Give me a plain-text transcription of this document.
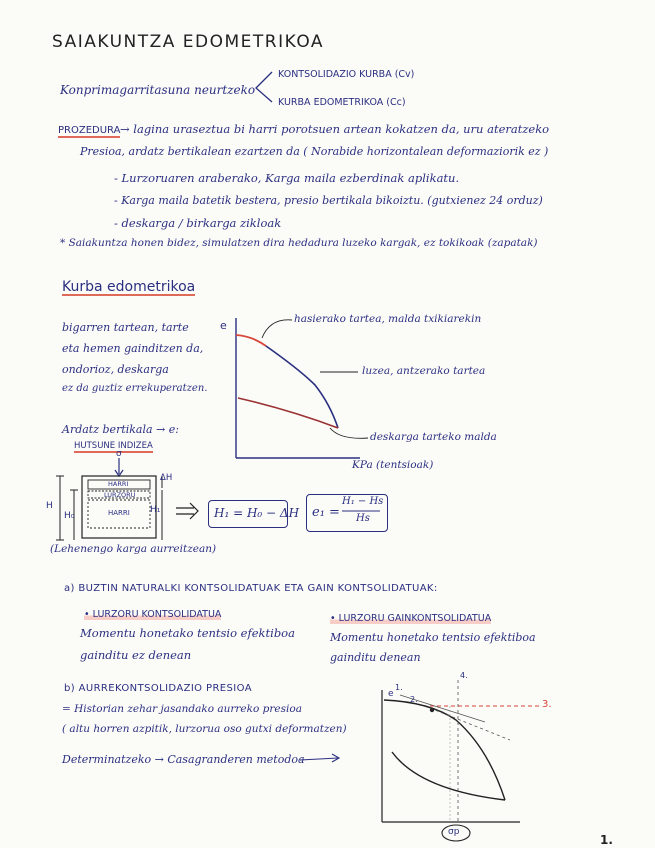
SAIAKUNTZA EDOMETRIKOA
Konprimagarritasuna neurtzeko
KONTSOLIDAZIO KURBA (Cv)
KURBA EDOMETRIKOA (Cc)
PROZEDURA → lagina uraseztua bi harri porotsuen artean kokatzen da, uru ateratzeko
Presioa, ardatz bertikalean ezartzen da ( Norabide horizontalean deformaziorik ez )
- Lurzoruaren araberako, Karga maila ezberdinak aplikatu.
- Karga maila batetik bestera, presio bertikala bikoiztu. (gutxienez 24 orduz)
- deskarga / birkarga zikloak
* Saiakuntza honen bidez, simulatzen dira hedadura luzeko kargak, ez tokikoak (zapatak)
Kurba edometrikoa
bigarren tartean, tarte
eta hemen gainditzen da,
ondorioz, deskarga
ez da guztiz errekuperatzen.
Ardatz bertikala → e:
HUTSUNE INDIZEA
e
KPa (tentsioak)
hasierako tartea, malda txikiarekin
luzea, antzerako tartea
deskarga tarteko malda
HARRI
LURZORU
HARRI
H
H₀
H₁
ΔH
σ
H₁ = H₀ − ΔH e₁ =
H₁ − Hs
Hs
(Lehenengo karga aurreitzean)
a) BUZTIN NATURALKI KONTSOLIDATUAK ETA GAIN KONTSOLIDATUAK:
• LURZORU KONTSOLIDATUA
Momentu honetako tentsio efektiboa
gainditu ez denean
• LURZORU GAINKONTSOLIDATUA
Momentu honetako tentsio efektiboa
gainditu denean
b) AURREKONTSOLIDAZIO PRESIOA
= Historian zehar jasandako aurreko presioa
( altu horren azpitik, lurzorua oso gutxi deformatzen)
Determinatzeko → Casagranderen metodoa
e
1.
2.	3.
4.
σp
1.
